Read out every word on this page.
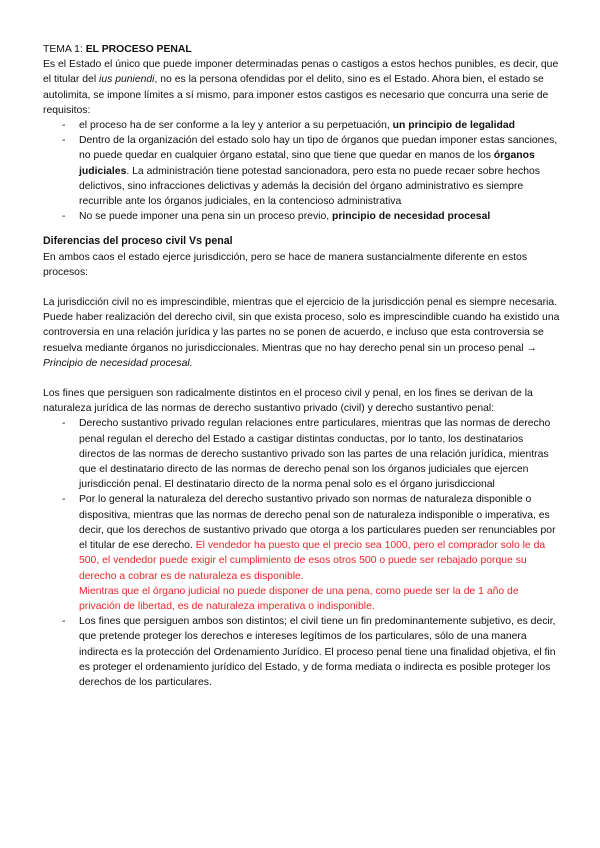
TEMA 1: EL PROCESO PENAL

Es el Estado el único que puede imponer determinadas penas o castigos a estos hechos punibles, es decir, que el titular del ius puniendi, no es la persona ofendidas por el delito, sino es el Estado. Ahora bien, el estado se autolimita, se impone límites a sí mismo, para imponer estos castigos es necesario que concurra una serie de requisitos:

- el proceso ha de ser conforme a la ley y anterior a su perpetuación, un principio de legalidad
- Dentro de la organización del estado solo hay un tipo de órganos que puedan imponer estas sanciones, no puede quedar en cualquier órgano estatal, sino que tiene que quedar en manos de los órganos judiciales. La administración tiene potestad sancionadora, pero esta no puede recaer sobre hechos delictivos, sino infracciones delictivas y además la decisión del órgano administrativo es siempre recurrible ante los órganos judiciales, en la contencioso administrativa
- No se puede imponer una pena sin un proceso previo, principio de necesidad procesal
Diferencias del proceso civil Vs penal

En ambos caos el estado ejerce jurisdicción, pero se hace de manera sustancialmente diferente en estos procesos:

La jurisdicción civil no es imprescindible, mientras que el ejercicio de la jurisdicción penal es siempre necesaria. Puede haber realización del derecho civil, sin que exista proceso, solo es imprescindible cuando ha existido una controversia en una relación jurídica y las partes no se ponen de acuerdo, e incluso que esta controversia se resuelva mediante órganos no jurisdiccionales. Mientras que no hay derecho penal sin un proceso penal → Principio de necesidad procesal.

Los fines que persiguen son radicalmente distintos en el proceso civil y penal, en los fines se derivan de la naturaleza jurídica de las normas de derecho sustantivo privado (civil) y derecho sustantivo penal:

- Derecho sustantivo privado regulan relaciones entre particulares, mientras que las normas de derecho penal regulan el derecho del Estado a castigar distintas conductas, por lo tanto, los destinatarios directos de las normas de derecho sustantivo privado son las partes de una relación jurídica, mientras que el destinatario directo de las normas de derecho penal son los órganos judiciales que ejercen jurisdicción penal. El destinatario directo de la norma penal solo es el órgano jurisdiccional
- Por lo general la naturaleza del derecho sustantivo privado son normas de naturaleza disponible o dispositiva, mientras que las normas de derecho penal son de naturaleza indisponible o imperativa, es decir, que los derechos de sustantivo privado que otorga a los particulares pueden ser renunciables por el titular de ese derecho. El vendedor ha puesto que el precio sea 1000, pero el comprador solo le da 500, el vendedor puede exigir el cumplimiento de esos otros 500 o puede ser rebajado porque su derecho a cobrar es de naturaleza es disponible.
Mientras que el órgano judicial no puede disponer de una pena, como puede ser la de 1 año de privación de libertad, es de naturaleza imperativa o indisponible.
- Los fines que persiguen ambos son distintos; el civil tiene un fin predominantemente subjetivo, es decir, que pretende proteger los derechos e intereses legítimos de los particulares, sólo de una manera indirecta es la protección del Ordenamiento Jurídico. El proceso penal tiene una finalidad objetiva, el fin es proteger el ordenamiento jurídico del Estado, y de forma mediata o indirecta es posible proteger los derechos de los particulares.
